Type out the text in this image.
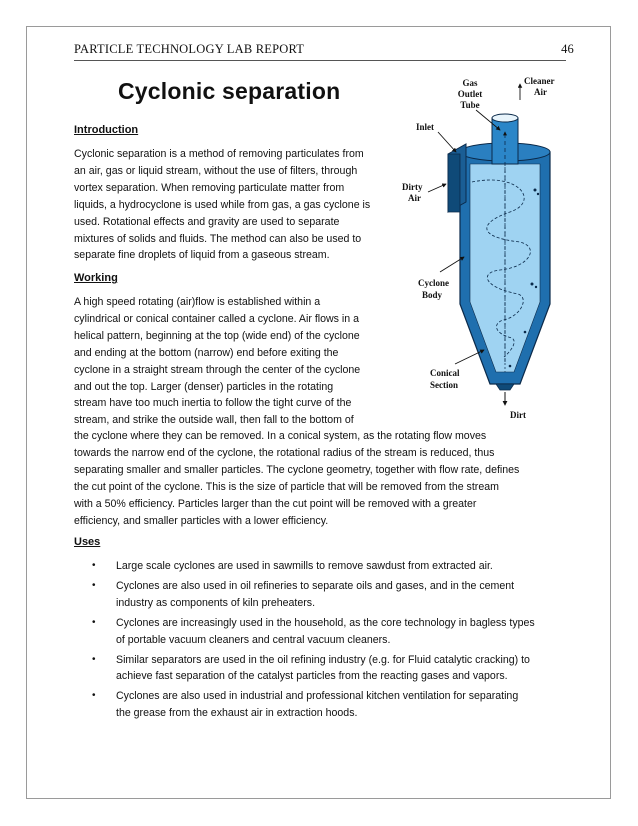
PARTICLE TECHNOLOGY LAB REPORT	46
Cyclonic separation
Introduction
Cyclonic separation is a method of removing particulates from
an air, gas or liquid stream, without the use of filters, through
vortex separation. When removing particulate matter from
liquids, a hydrocyclone is used while from gas, a gas cyclone is
used. Rotational effects and gravity are used to separate
mixtures of solids and fluids. The method can also be used to
separate fine droplets of liquid from a gaseous stream.
Working
A high speed rotating (air)flow is established within a
cylindrical or conical container called a cyclone. Air flows in a
helical pattern, beginning at the top (wide end) of the cyclone
and ending at the bottom (narrow) end before exiting the
cyclone in a straight stream through the center of the cyclone
and out the top. Larger (denser) particles in the rotating
stream have too much inertia to follow the tight curve of the
stream, and strike the outside wall, then fall to the bottom of
the cyclone where they can be removed. In a conical system, as the rotating flow moves
towards the narrow end of the cyclone, the rotational radius of the stream is reduced, thus
separating smaller and smaller particles. The cyclone geometry, together with flow rate, defines
the cut point of the cyclone. This is the size of particle that will be removed from the stream
with a 50% efficiency. Particles larger than the cut point will be removed with a greater
efficiency, and smaller particles with a lower efficiency.
Uses
• Large scale cyclones are used in sawmills to remove sawdust from extracted air.
• Cyclones are also used in oil refineries to separate oils and gases, and in the cement
industry as components of kiln preheaters.
• Cyclones are increasingly used in the household, as the core technology in bagless types
of portable vacuum cleaners and central vacuum cleaners.
• Similar separators are used in the oil refining industry (e.g. for Fluid catalytic cracking) to
achieve fast separation of the catalyst particles from the reacting gases and vapors.
• Cyclones are also used in industrial and professional kitchen ventilation for separating
the grease from the exhaust air in extraction hoods.
Gas
Outlet
Tube
Cleaner
Air
Inlet
Dirty
Air
Cyclone
Body
Conical
Section
Dirt
